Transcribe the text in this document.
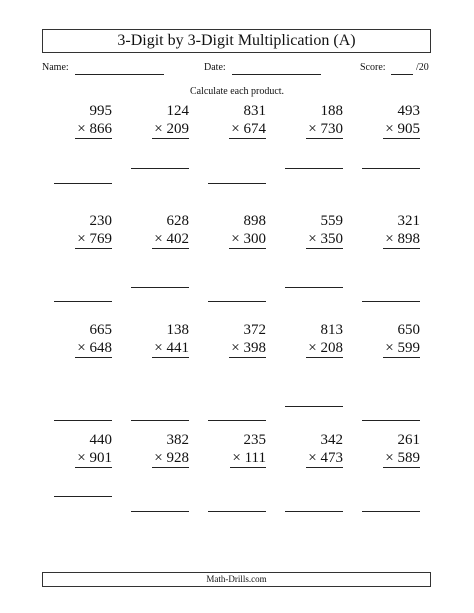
3-Digit by 3-Digit Multiplication (A)
Name:	Date:	Score:	/20
Calculate each product.
995
× 866
124
× 209
831
× 674
188
× 730
493
× 905
230
× 769
628
× 402
898
× 300
559
× 350
321
× 898
665
× 648
138
× 441
372
× 398
813
× 208
650
× 599
440
× 901
382
× 928
235
× 111
342
× 473
261
× 589
Math-Drills.com
